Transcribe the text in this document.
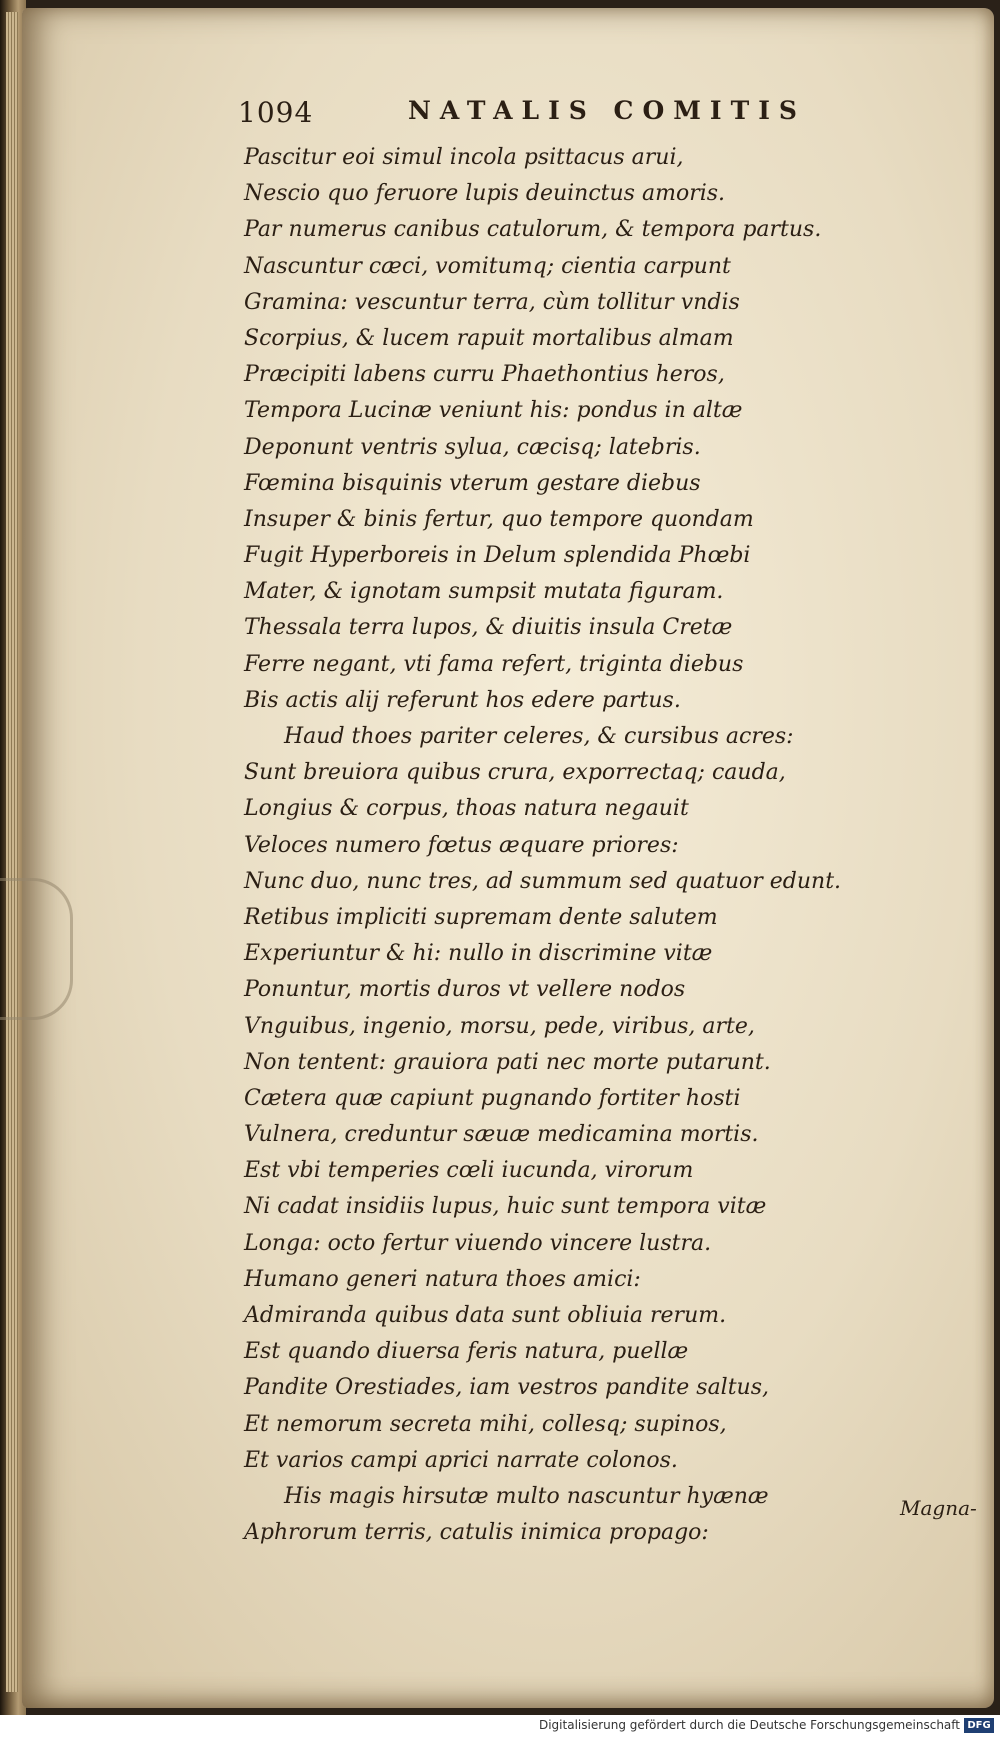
1094	NATALIS COMITIS
Pascitur eoi simul incola psittacus arui,
Nescio quo feruore lupis deuinctus amoris.
Par numerus canibus catulorum, & tempora partus.
Nascuntur cæci, vomitumq; cientia carpunt
Gramina: vescuntur terra, cùm tollitur vndis
Scorpius, & lucem rapuit mortalibus almam
Præcipiti labens curru Phaethontius heros,
Tempora Lucinæ veniunt his: pondus in altæ
Deponunt ventris sylua, cæcisq; latebris.
Fœmina bisquinis vterum gestare diebus
Insuper & binis fertur, quo tempore quondam
Fugit Hyperboreis in Delum splendida Phœbi
Mater, & ignotam sumpsit mutata figuram.
Thessala terra lupos, & diuitis insula Cretæ
Ferre negant, vti fama refert, triginta diebus
Bis actis alij referunt hos edere partus.
Haud thoes pariter celeres, & cursibus acres:
Sunt breuiora quibus crura, exporrectaq; cauda,
Longius & corpus, thoas natura negauit
Veloces numero fœtus æquare priores:
Nunc duo, nunc tres, ad summum sed quatuor edunt.
Retibus impliciti supremam dente salutem
Experiuntur & hi: nullo in discrimine vitæ
Ponuntur, mortis duros vt vellere nodos
Vnguibus, ingenio, morsu, pede, viribus, arte,
Non tentent: grauiora pati nec morte putarunt.
Cætera quæ capiunt pugnando fortiter hosti
Vulnera, creduntur sæuæ medicamina mortis.
Est vbi temperies cœli iucunda, virorum
Ni cadat insidiis lupus, huic sunt tempora vitæ
Longa: octo fertur viuendo vincere lustra.
Humano generi natura thoes amici:
Admiranda quibus data sunt obliuia rerum.
Est quando diuersa feris natura, puellæ
Pandite Orestiades, iam vestros pandite saltus,
Et nemorum secreta mihi, collesq; supinos,
Et varios campi aprici narrate colonos.
His magis hirsutæ multo nascuntur hyænæ
Aphrorum terris, catulis inimica propago:
Magna-
Digitalisierung gefördert durch die Deutsche Forschungsgemeinschaft DFG
